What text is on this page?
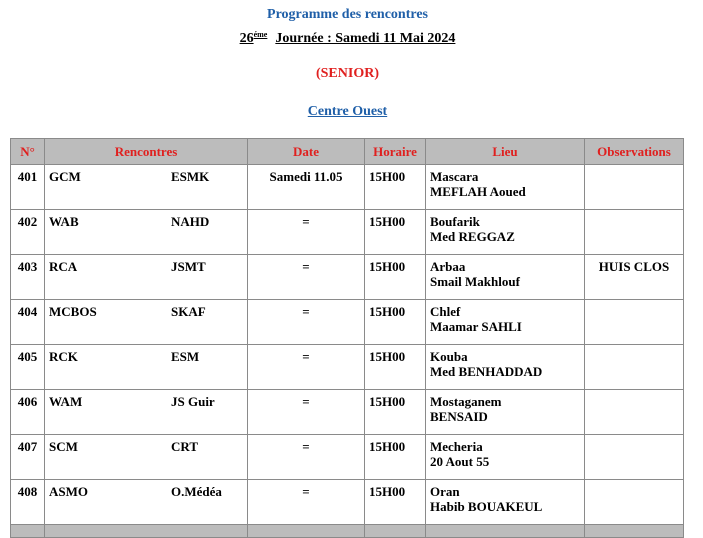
Programme des rencontres
$26^{éme}$ Journée : Samedi 11 Mai 2024
(SENIOR)
Centre Ouest
N°	Rencontres	Date	Horaire	Lieu	Observations
401	GCM ESMK	Samedi 11.05	15H00	Mascara
MEFLAH Aoued	

402	WAB NAHD	=	15H00	Boufarik
Med REGGAZ	

403	RCA JSMT	=	15H00	Arbaa
Smail Makhlouf	HUIS CLOS
404	MCBOS SKAF	=	15H00	Chlef
Maamar SAHLI	

405	RCK ESM	=	15H00	Kouba
Med BENHADDAD	

406	WAM JS Guir	=	15H00	Mostaganem
BENSAID	

407	SCM CRT	=	15H00	Mecheria
20 Aout 55	

408	ASMO O.Médéa	=	15H00	Oran
Habib BOUAKEUL	
